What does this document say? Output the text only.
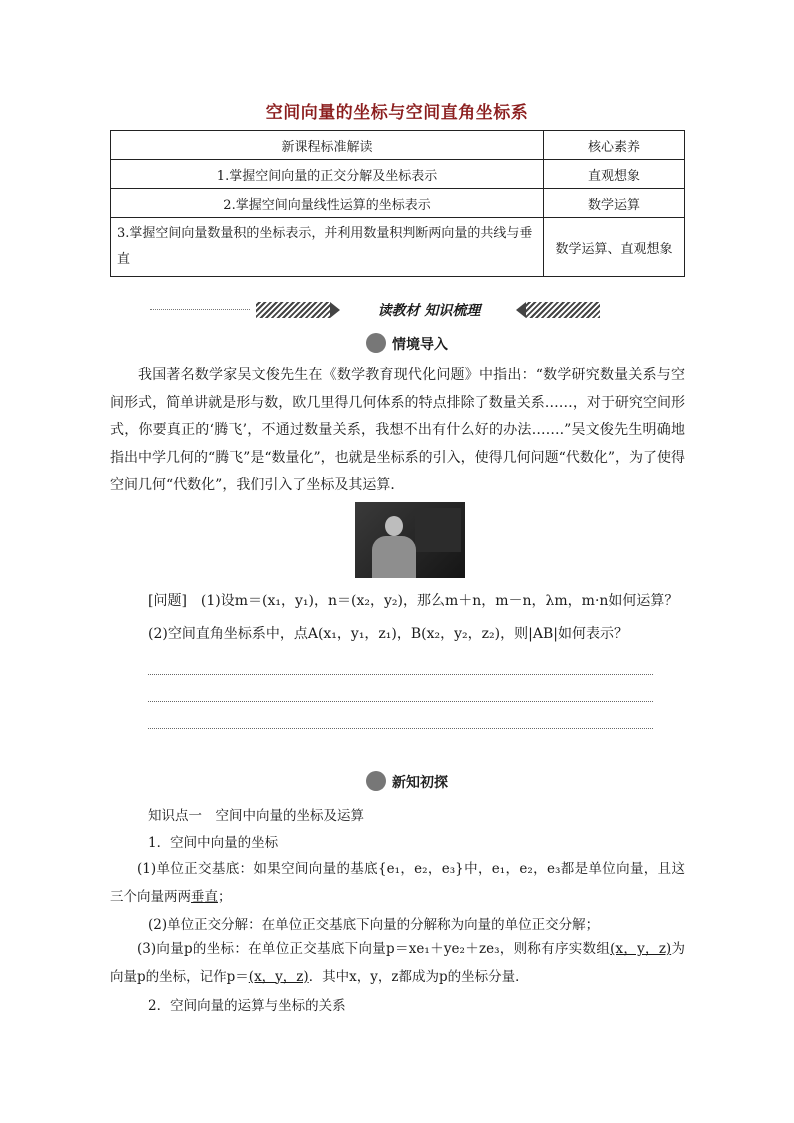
空间向量的坐标与空间直角坐标系
新课程标准解读	核心素养
1.掌握空间向量的正交分解及坐标表示	直观想象
2.掌握空间向量线性运算的坐标表示	数学运算
3.掌握空间向量数量积的坐标表示，并利用数量积判断两向量的共线与垂直	数学运算、直观想象
读教材 知识梳理
情境导入
我国著名数学家吴文俊先生在《数学教育现代化问题》中指出：“数学研究数量关系与空间形式，简单讲就是形与数，欧几里得几何体系的特点排除了数量关系……，对于研究空间形式，你要真正的‘腾飞’，不通过数量关系，我想不出有什么好的办法…….”吴文俊先生明确地指出中学几何的“腾飞”是“数量化”，也就是坐标系的引入，使得几何问题“代数化”，为了使得空间几何“代数化”，我们引入了坐标及其运算．
[问题]　(1)设m＝(x₁，y₁)，n＝(x₂，y₂)，那么m＋n，m－n，λm，m·n如何运算？
(2)空间直角坐标系中，点A(x₁，y₁，z₁)，B(x₂，y₂，z₂)，则|AB|如何表示？
新知初探
知识点一　空间中向量的坐标及运算
1．空间中向量的坐标
(1)单位正交基底：如果空间向量的基底{e₁，e₂，e₃}中，e₁，e₂，e₃都是单位向量，且这三个向量两两垂直；
(2)单位正交分解：在单位正交基底下向量的分解称为向量的单位正交分解；
(3)向量p的坐标：在单位正交基底下向量p＝xe₁＋ye₂＋ze₃，则称有序实数组(x，y，z)为向量p的坐标，记作p＝(x，y，z)．其中x，y，z都成为p的坐标分量．
2．空间向量的运算与坐标的关系
